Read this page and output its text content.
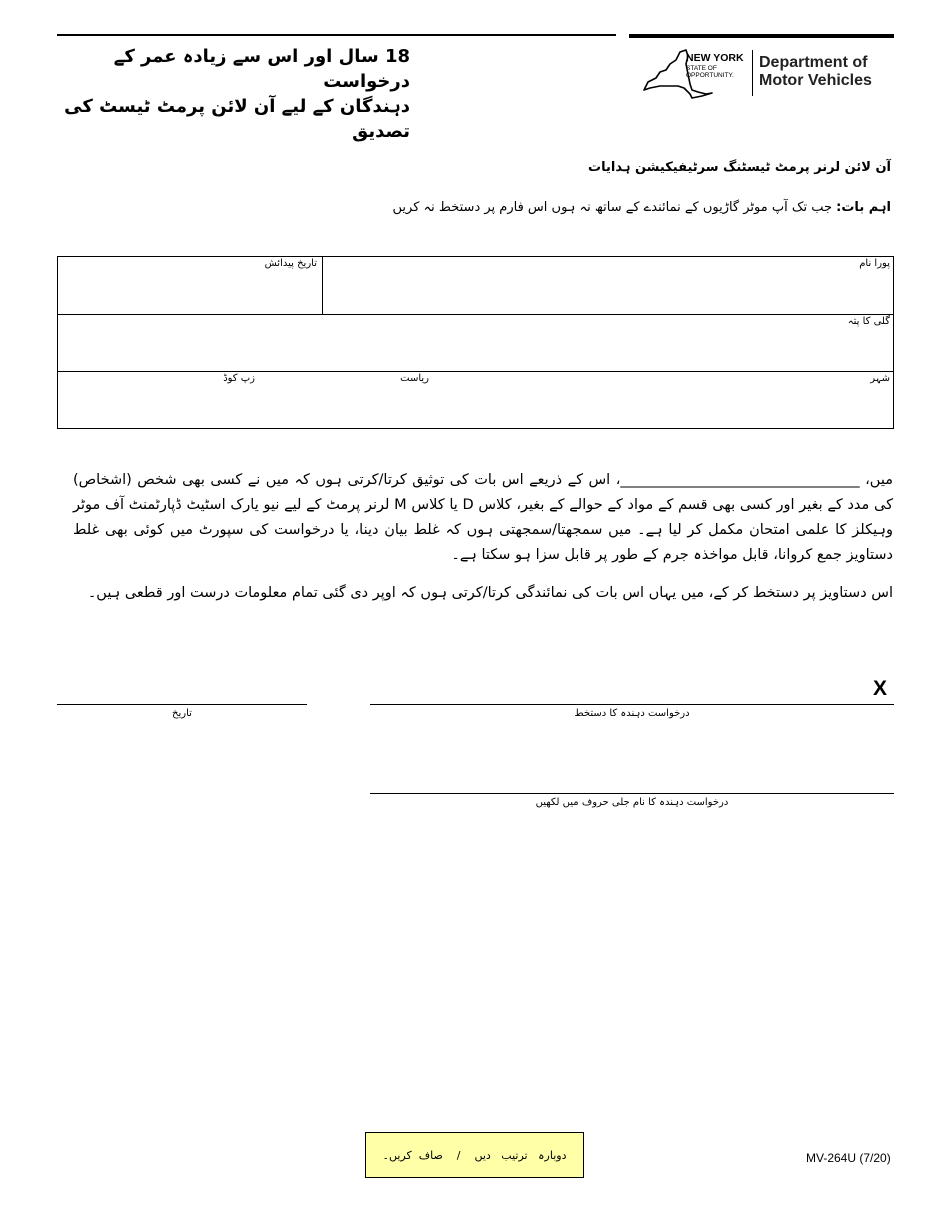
18 سال اور اس سے زیادہ عمر کے درخواست
دہندگان کے لیے آن لائن پرمٹ ٹیسٹ کی تصدیق
NEW YORK
STATE OF
OPPORTUNITY.
Department of
Motor Vehicles
آن لائن لرنر پرمٹ ٹیسٹنگ سرٹیفیکیشن ہدایات
اہم بات: جب تک آپ موٹر گاڑیوں کے نمائندے کے ساتھ نہ ہوں اس فارم پر دستخط نہ کریں
پورا نام
تاریخ پیدائش
گلی کا پتہ
شہر
ریاست
زپ کوڈ
میں، _________________________________، اس کے ذریعے اس بات کی توثیق کرتا/کرتی ہوں کہ میں نے کسی بھی شخص (اشخاص) کی مدد کے بغیر اور کسی بھی قسم کے مواد کے حوالے کے بغیر، کلاس D یا کلاس M لرنر پرمٹ کے لیے نیو یارک اسٹیٹ ڈپارٹمنٹ آف موٹر وہیکلز کا علمی امتحان مکمل کر لیا ہے۔ میں سمجھتا/سمجھتی ہوں کہ غلط بیان دینا، یا درخواست کی سپورٹ میں کوئی بھی غلط دستاویز جمع کروانا، قابل مواخذہ جرم کے طور پر قابل سزا ہو سکتا ہے۔
اس دستاویز پر دستخط کر کے، میں یہاں اس بات کی نمائندگی کرتا/کرتی ہوں کہ اوپر دی گئی تمام معلومات درست اور قطعی ہیں۔
X
درخواست دہندہ کا دستخط
تاریخ
درخواست دہندہ کا نام جلی حروف میں لکھیں
دوبارہ   ترتیب   دیں    /    صاف  کریں۔	MV-264U (7/20)
